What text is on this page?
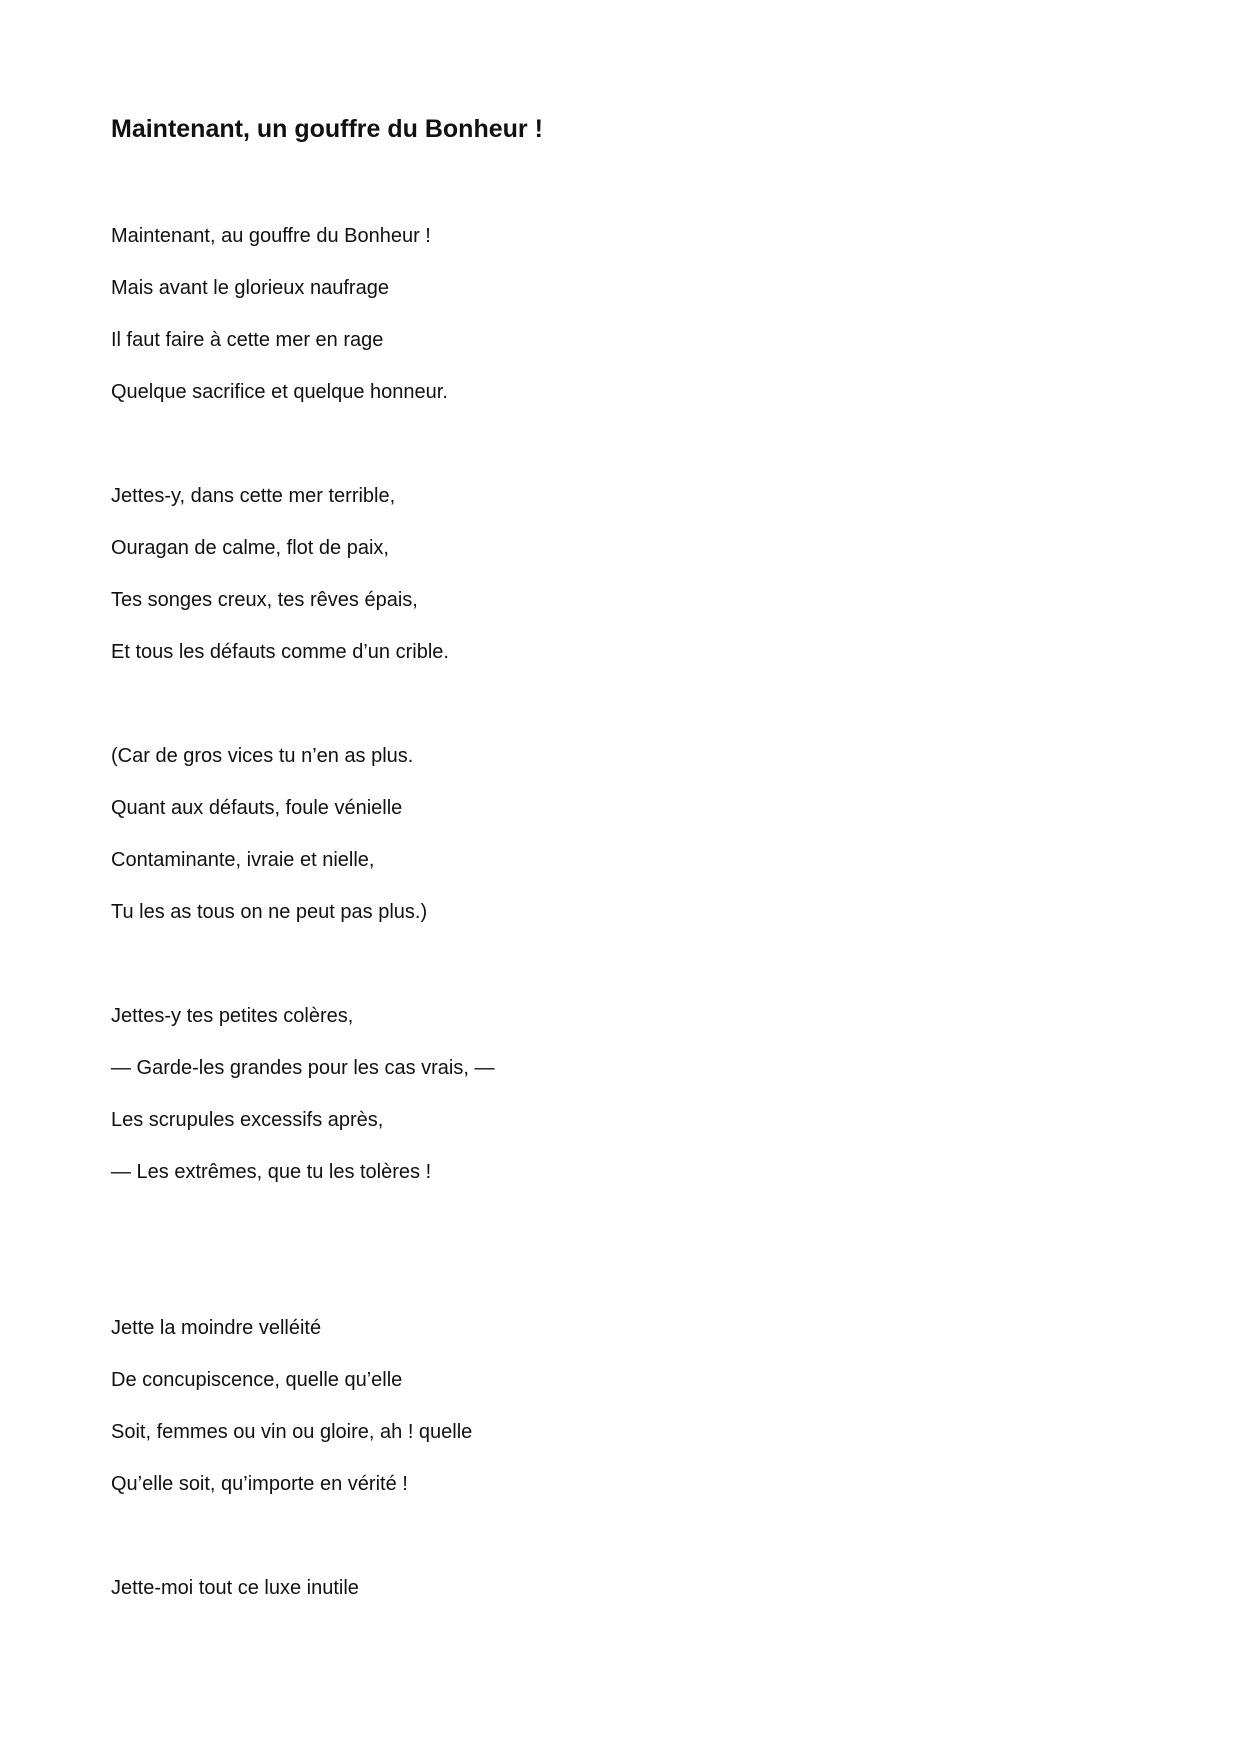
Maintenant, un gouffre du Bonheur !

Maintenant, au gouffre du Bonheur !

Mais avant le glorieux naufrage

Il faut faire à cette mer en rage

Quelque sacrifice et quelque honneur.

Jettes-y, dans cette mer terrible,

Ouragan de calme, flot de paix,

Tes songes creux, tes rêves épais,

Et tous les défauts comme d’un crible.

(Car de gros vices tu n’en as plus.

Quant aux défauts, foule vénielle

Contaminante, ivraie et nielle,

Tu les as tous on ne peut pas plus.)

Jettes-y tes petites colères,

— Garde-les grandes pour les cas vrais, —

Les scrupules excessifs après,

— Les extrêmes, que tu les tolères !

Jette la moindre velléité

De concupiscence, quelle qu’elle

Soit, femmes ou vin ou gloire, ah ! quelle

Qu’elle soit, qu’importe en vérité !

Jette-moi tout ce luxe inutile
